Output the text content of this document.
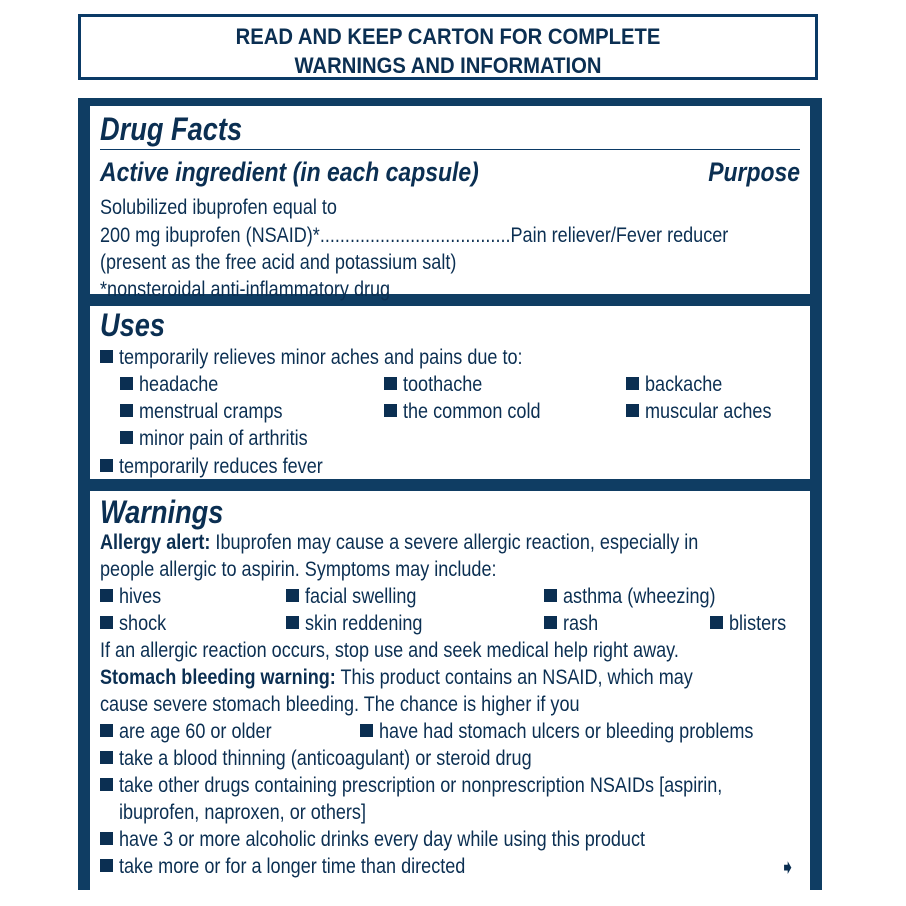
READ AND KEEP CARTON FOR COMPLETE
WARNINGS AND INFORMATION
Drug Facts
Active ingredient (in each capsule)	Purpose
Solubilized ibuprofen equal to
200 mg ibuprofen (NSAID)*......................................Pain reliever/Fever reducer
(present as the free acid and potassium salt)
*nonsteroidal anti-inflammatory drug
Uses
temporarily relieves minor aches and pains due to:
headache	toothache	backache
menstrual cramps	the common cold	muscular aches
minor pain of arthritis
temporarily reduces fever
Warnings
Allergy alert: Ibuprofen may cause a severe allergic reaction, especially in
people allergic to aspirin. Symptoms may include:
hives	facial swelling	asthma (wheezing)
shock	skin reddening	rash	blisters
If an allergic reaction occurs, stop use and seek medical help right away.
Stomach bleeding warning: This product contains an NSAID, which may
cause severe stomach bleeding. The chance is higher if you
are age 60 or older	have had stomach ulcers or bleeding problems
take a blood thinning (anticoagulant) or steroid drug
take other drugs containing prescription or nonprescription NSAIDs [aspirin,
ibuprofen, naproxen, or others]
have 3 or more alcoholic drinks every day while using this product
take more or for a longer time than directed	➧
